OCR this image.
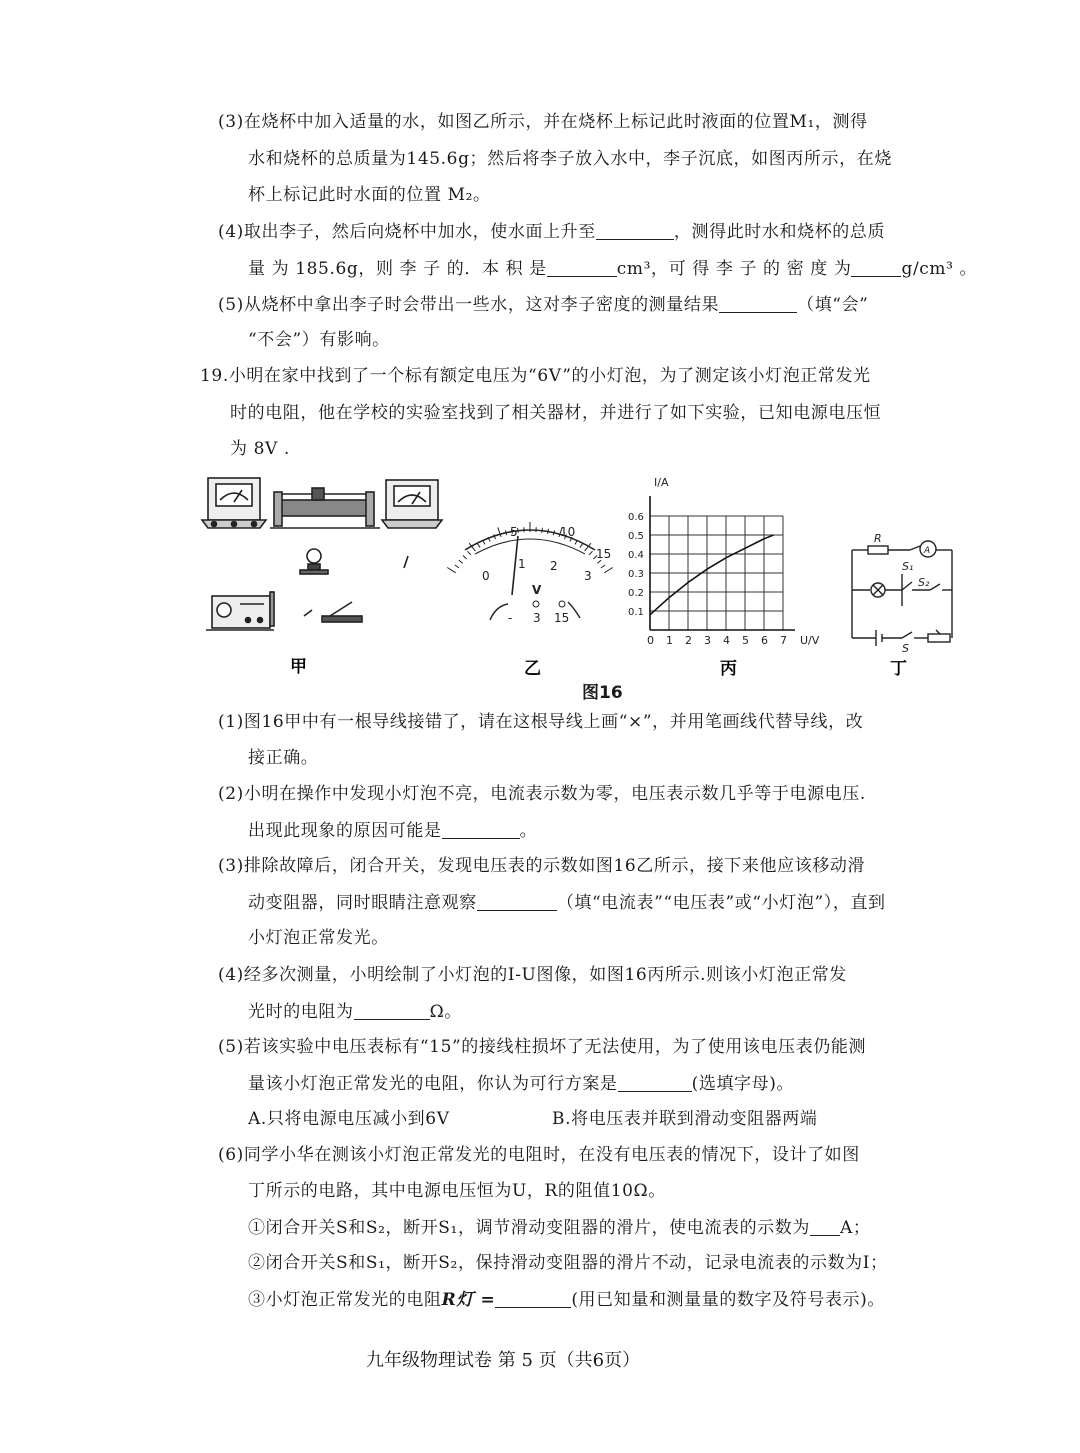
(3)在烧杯中加入适量的水，如图乙所示，并在烧杯上标记此时液面的位置M₁，测得
水和烧杯的总质量为145.6g；然后将李子放入水中，李子沉底，如图丙所示，在烧
杯上标记此时水面的位置 M₂。
(4)取出李子，然后向烧杯中加水，使水面上升至	，测得此时水和烧杯的总质
量 为 185.6g，则 李 子 的．本 积 是	cm³，可 得 李 子 的 密 度 为	g/cm³ 。
(5)从烧杯中拿出李子时会带出一些水，这对李子密度的测量结果	（填“会”
“不会”）有影响。
19.小明在家中找到了一个标有额定电压为“6V”的小灯泡，为了测定该小灯泡正常发光
时的电阻，他在学校的实验室找到了相关器材，并进行了如下实验，已知电源电压恒
为 8V .
甲
5	10
15
0
1 2
3
V
- 3 15
乙
I/A
U/V
0 1 2 3 4 5 6 7
0.6
0.5
0.4
0.3
0.2
0.1
丙
R
A
S₁
S₂
S
丁
图16
(1)图16甲中有一根导线接错了，请在这根导线上画“×”，并用笔画线代替导线，改
接正确。
(2)小明在操作中发现小灯泡不亮，电流表示数为零，电压表示数几乎等于电源电压.
出现此现象的原因可能是	。
(3)排除故障后，闭合开关，发现电压表的示数如图16乙所示，接下来他应该移动滑
动变阻器，同时眼睛注意观察	（填“电流表”“电压表”或“小灯泡”），直到
小灯泡正常发光。
(4)经多次测量，小明绘制了小灯泡的I-U图像，如图16丙所示.则该小灯泡正常发
光时的电阻为	Ω。
(5)若该实验中电压表标有“15”的接线柱损坏了无法使用，为了使用该电压表仍能测
量该小灯泡正常发光的电阻，你认为可行方案是	(选填字母)。
A.只将电源电压减小到6V	B.将电压表并联到滑动变阻器两端
(6)同学小华在测该小灯泡正常发光的电阻时，在没有电压表的情况下，设计了如图
丁所示的电路，其中电源电压恒为U，R的阻值10Ω。
①闭合开关S和S₂，断开S₁，调节滑动变阻器的滑片，使电流表的示数为 A；
②闭合开关S和S₁，断开S₂，保持滑动变阻器的滑片不动，记录电流表的示数为I；
③小灯泡正常发光的电阻R灯 =	(用已知量和测量量的数字及符号表示)。
九年级物理试卷 第 5 页（共6页）
